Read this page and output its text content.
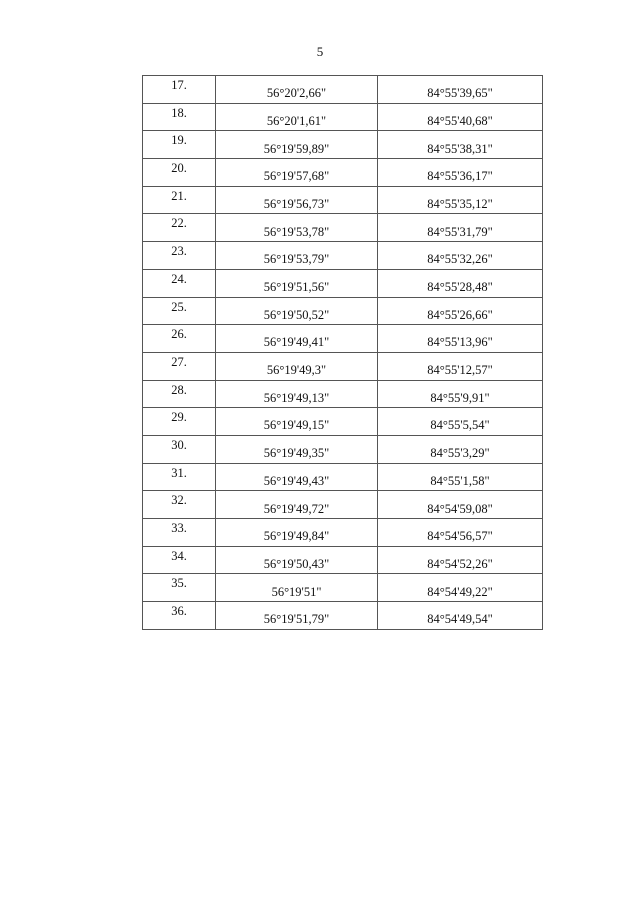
5
17.	56°20'2,66"	84°55'39,65"
18.	56°20'1,61"	84°55'40,68"
19.	56°19'59,89"	84°55'38,31"
20.	56°19'57,68"	84°55'36,17"
21.	56°19'56,73"	84°55'35,12"
22.	56°19'53,78"	84°55'31,79"
23.	56°19'53,79"	84°55'32,26"
24.	56°19'51,56"	84°55'28,48"
25.	56°19'50,52"	84°55'26,66"
26.	56°19'49,41"	84°55'13,96"
27.	56°19'49,3"	84°55'12,57"
28.	56°19'49,13"	84°55'9,91"
29.	56°19'49,15"	84°55'5,54"
30.	56°19'49,35"	84°55'3,29"
31.	56°19'49,43"	84°55'1,58"
32.	56°19'49,72"	84°54'59,08"
33.	56°19'49,84"	84°54'56,57"
34.	56°19'50,43"	84°54'52,26"
35.	56°19'51"	84°54'49,22"
36.	56°19'51,79"	84°54'49,54"
